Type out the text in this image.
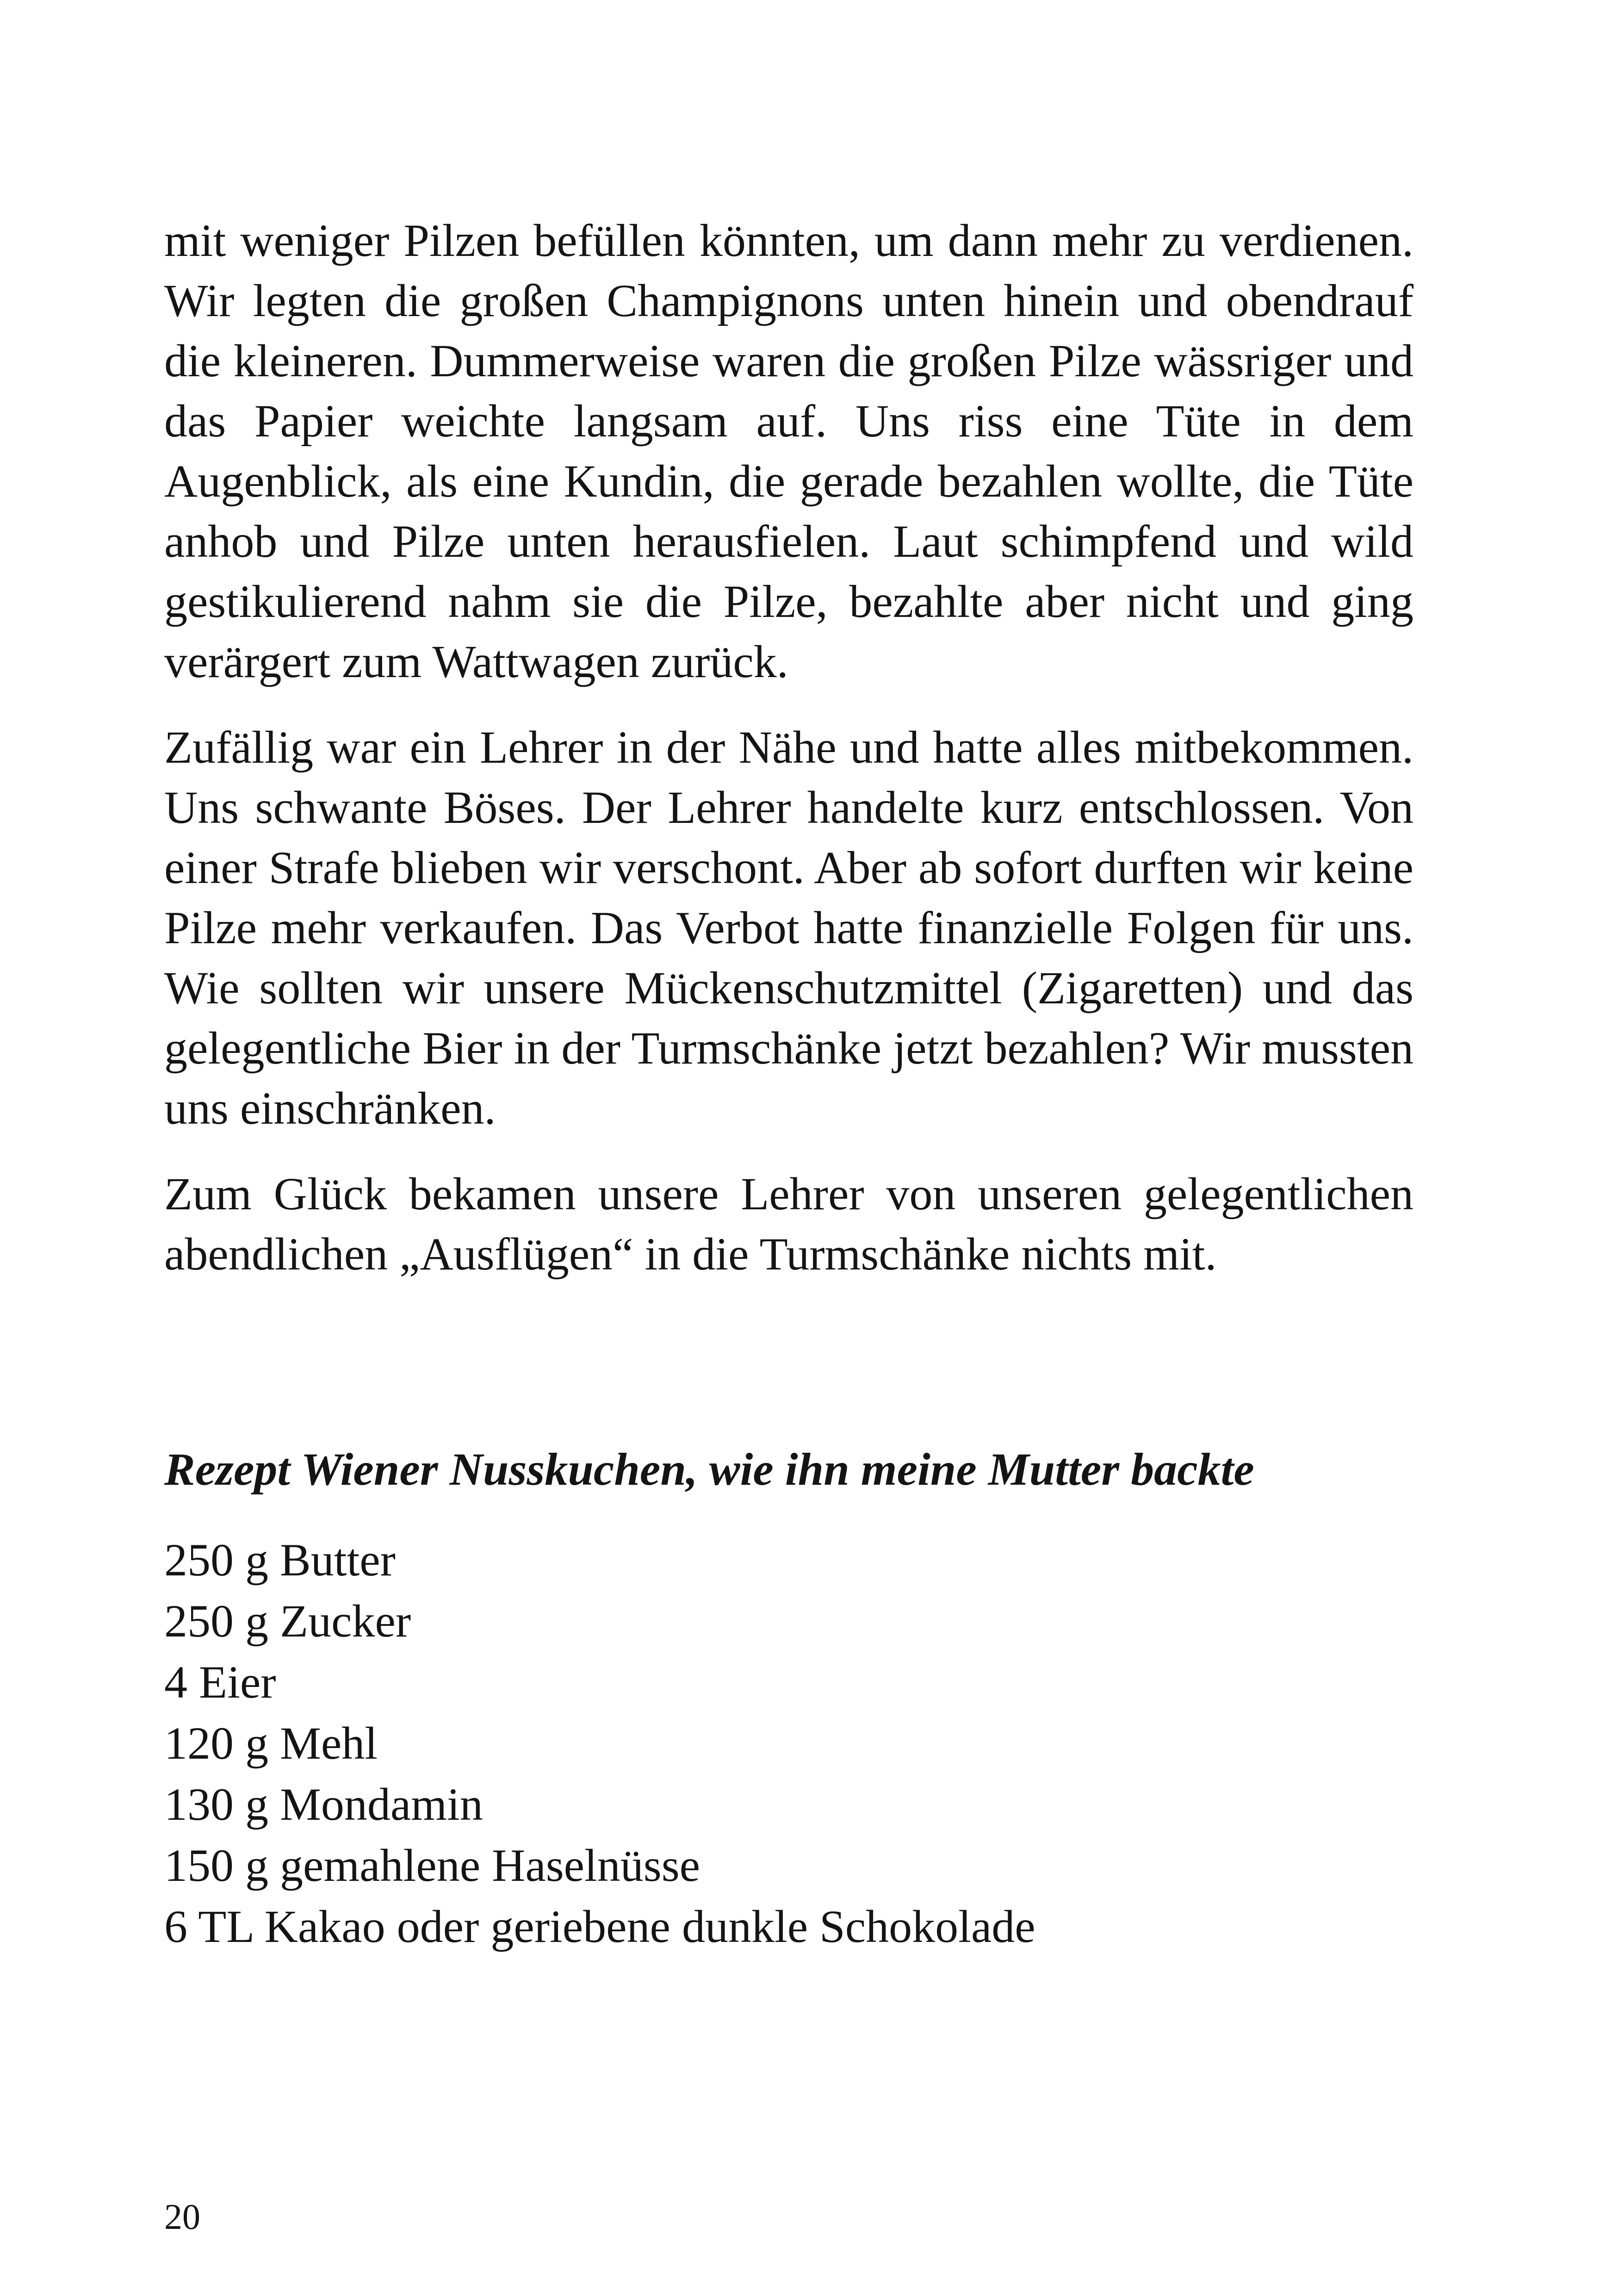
mit weniger Pilzen befüllen könnten, um dann mehr zu verdienen. Wir legten die großen Champignons unten hinein und obendrauf die kleineren. Dummerweise waren die großen Pilze wässriger und das Papier weichte langsam auf. Uns riss eine Tüte in dem Augenblick, als eine Kundin, die gerade bezahlen wollte, die Tüte anhob und Pilze unten herausfielen. Laut schimpfend und wild gestikulierend nahm sie die Pilze, bezahlte aber nicht und ging verärgert zum Wattwagen zurück.

Zufällig war ein Lehrer in der Nähe und hatte alles mitbekommen. Uns schwante Böses. Der Lehrer handelte kurz entschlossen. Von einer Strafe blieben wir verschont. Aber ab sofort durften wir keine Pilze mehr verkaufen. Das Verbot hatte finanzielle Folgen für uns. Wie sollten wir unsere Mückenschutzmittel (Zigaretten) und das gelegentliche Bier in der Turmschänke jetzt bezahlen? Wir mussten uns einschränken.

Zum Glück bekamen unsere Lehrer von unseren gelegentlichen abendlichen „Ausflügen“ in die Turmschänke nichts mit.

Rezept Wiener Nusskuchen, wie ihn meine Mutter backte
250 g Butter
250 g Zucker
4 Eier
120 g Mehl
130 g Mondamin
150 g gemahlene Haselnüsse
6 TL Kakao oder geriebene dunkle Schokolade
20
